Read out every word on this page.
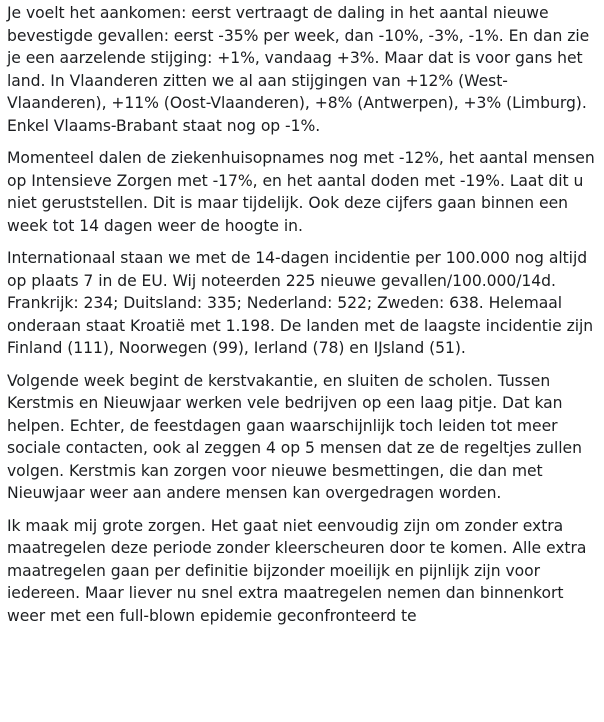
Je voelt het aankomen: eerst vertraagt de daling in het aantal nieuwe bevestigde gevallen: eerst -35% per week, dan -10%, -3%, -1%. En dan zie je een aarzelende stijging: +1%, vandaag +3%. Maar dat is voor gans het land. In Vlaanderen zitten we al aan stijgingen van +12% (West-Vlaanderen), +11% (Oost-Vlaanderen), +8% (Antwerpen), +3% (Limburg). Enkel Vlaams-Brabant staat nog op -1%.

Momenteel dalen de ziekenhuisopnames nog met -12%, het aantal mensen op Intensieve Zorgen met -17%, en het aantal doden met -19%. Laat dit u niet geruststellen. Dit is maar tijdelijk. Ook deze cijfers gaan binnen een week tot 14 dagen weer de hoogte in.

Internationaal staan we met de 14-dagen incidentie per 100.000 nog altijd op plaats 7 in de EU. Wij noteerden 225 nieuwe gevallen/100.000/14d. Frankrijk: 234; Duitsland: 335; Nederland: 522; Zweden: 638. Helemaal onderaan staat Kroatië met 1.198. De landen met de laagste incidentie zijn Finland (111), Noorwegen (99), Ierland (78) en IJsland (51).

Volgende week begint de kerstvakantie, en sluiten de scholen. Tussen Kerstmis en Nieuwjaar werken vele bedrijven op een laag pitje. Dat kan helpen. Echter, de feestdagen gaan waarschijnlijk toch leiden tot meer sociale contacten, ook al zeggen 4 op 5 mensen dat ze de regeltjes zullen volgen. Kerstmis kan zorgen voor nieuwe besmettingen, die dan met Nieuwjaar weer aan andere mensen kan overgedragen worden.

Ik maak mij grote zorgen. Het gaat niet eenvoudig zijn om zonder extra maatregelen deze periode zonder kleerscheuren door te komen. Alle extra maatregelen gaan per definitie bijzonder moeilijk en pijnlijk zijn voor iedereen. Maar liever nu snel extra maatregelen nemen dan binnenkort weer met een full-blown epidemie geconfronteerd te
